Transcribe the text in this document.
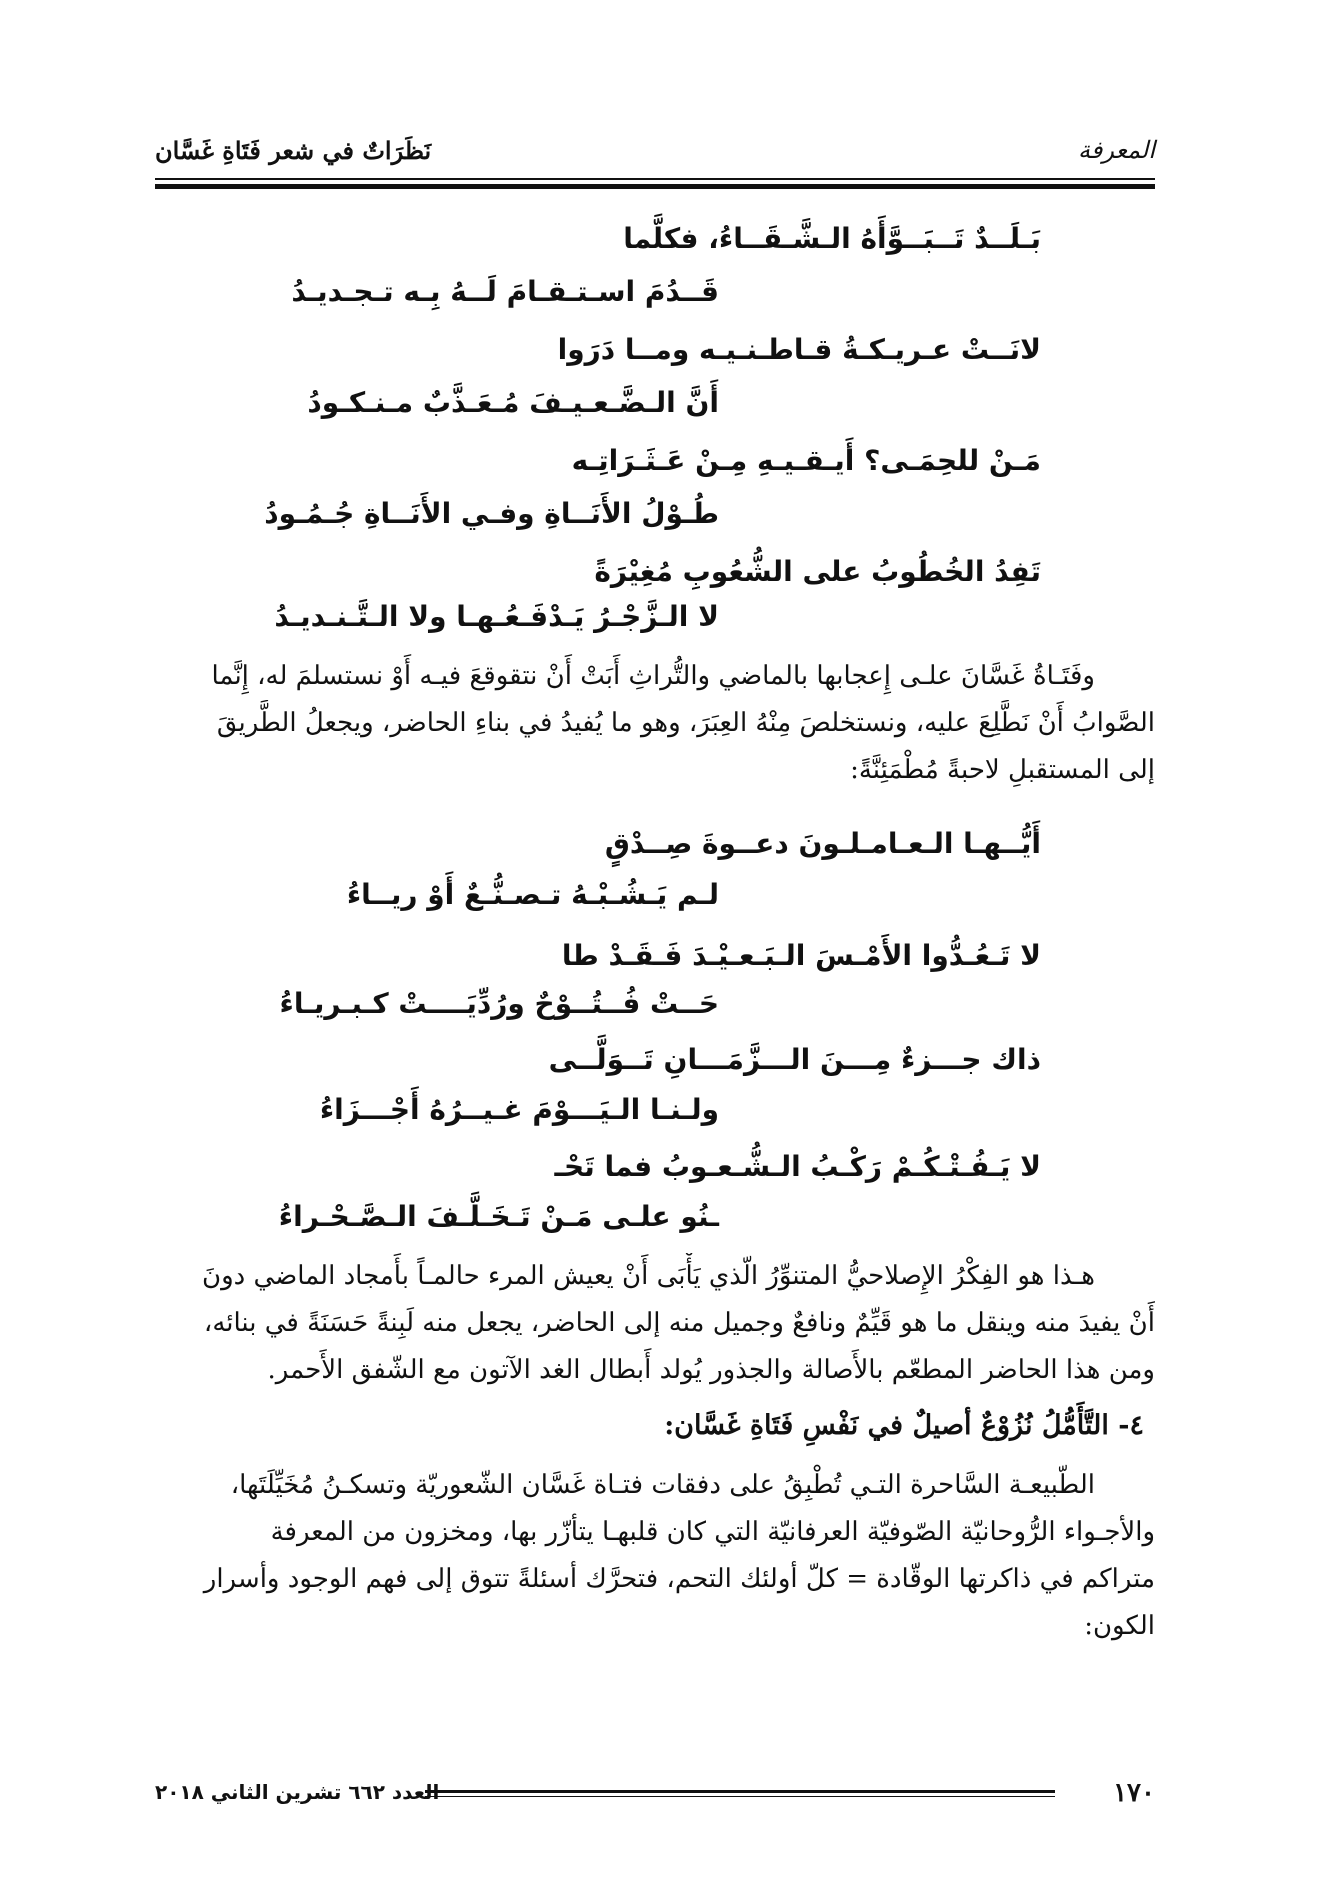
المعرفة
نَظَرَاتٌ في شعر فَتَاةِ غَسَّان
بَـلَــدٌ تَــبَــوَّأَهُ الـشَّـقَــاءُ، فكلَّما
قَــدُمَ اسـتـقـامَ لَــهُ بِـه تـجـديـدُ
لانَــتْ عـريـكـةُ قـاطـنـيـه ومــا دَرَوا
أَنَّ الـضَّـعـيـفَ مُـعَـذَّبٌ مـنـكـودُ
مَـنْ للحِمَـى؟ أَيـقـيـهِ مِـنْ عَـثَـرَاتِـه
طُـوْلُ الأَنَــاةِ وفـي الأَنَــاةِ جُـمُـودُ
تَفِدُ الخُطُوبُ على الشُّعُوبِ مُغِيْرَةً
لا الـزَّجْـرُ يَـدْفَـعُـهـا ولا الـتَّـنـديـدُ
وفَتَـاةُ غَسَّانَ علـى إِعجابها بالماضي والتُّراثِ أَبَتْ أَنْ نتقوقعَ فيـه أَوْ نستسلمَ له، إِنَّما
الصَّوابُ أَنْ نَطَّلِعَ عليه، ونستخلصَ مِنْهُ العِبَرَ، وهو ما يُفيدُ في بناءِ الحاضر، ويجعلُ الطَّريقَ
إلى المستقبلِ لاحبةً مُطْمَئِنَّةً:
أَيُّــهـا الـعـامـلـونَ دعــوةَ صِــدْقٍ
لـم يَـشُـبْـهُ تـصـنُّـعٌ أَوْ ريــاءُ
لا تَـعُـدُّوا الأَمْـسَ الـبَـعـيْـدَ فَـقَـدْ طا
حَــتْ فُــتُــوْحٌ ورُدِّيَــــتْ كـبـريـاءُ
ذاك جـــزءٌ مِـــنَ الـــزَّمَـــانِ تَــوَلَّــى
ولـنـا الـيَـــوْمَ غـيــرُهُ أَجْـــزَاءُ
لا يَـفُـتْـكُـمْ رَكْـبُ الـشُّـعـوبُ فما تَحْـ
ـنُو علـى مَـنْ تَـخَـلَّـفَ الـصَّـحْـراءُ
هـذا هو الفِكْرُ الإِصلاحيُّ المتنوِّرُ الّذي يَأْبَى أَنْ يعيش المرء حالمـاً بأَمجاد الماضي دونَ
أَنْ يفيدَ منه وينقل ما هو قَيِّمٌ ونافعٌ وجميل منه إلى الحاضر، يجعل منه لَبِنةً حَسَنَةً في بنائه،
ومن هذا الحاضر المطعّم بالأَصالة والجذور يُولد أَبطال الغد الآتون مع الشّفق الأَحمر.
٤- التَّأَمُّلُ نُزُوْعٌ أصيلٌ في نَفْسِ فَتَاةِ غَسَّان:
الطّبيعـة السَّاحرة التـي تُطْبِقُ على دفقات فتـاة غَسَّان الشّعوريّة وتسكـنُ مُخَيِّلَتَها،
والأجـواء الرُّوحانيّة الصّوفيّة العرفانيّة التي كان قلبهـا يتأزّر بها، ومخزون من المعرفة
متراكم في ذاكرتها الوقّادة = كلّ أولئك التحم، فتحرَّك أسئلةً تتوق إلى فهم الوجود وأسرار
الكون:
١٧٠
العدد ٦٦٢ تشرين الثاني ٢٠١٨
